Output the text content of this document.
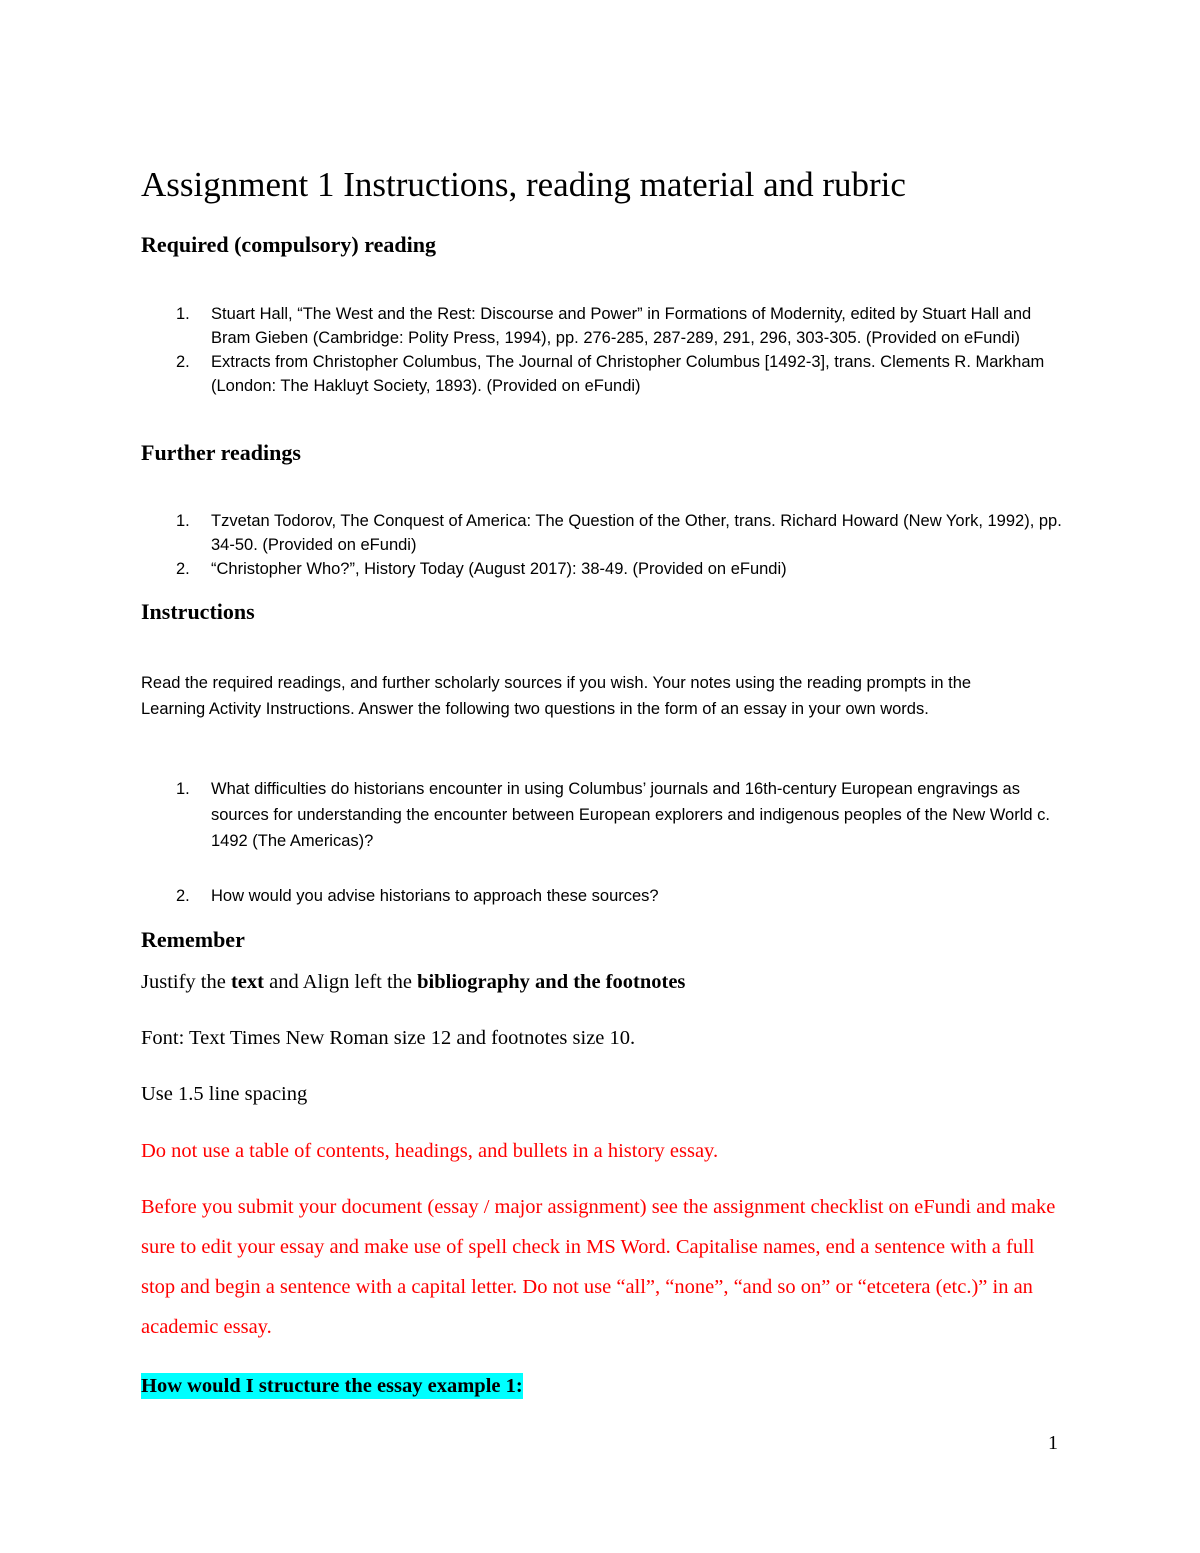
Assignment 1 Instructions, reading material and rubric
Required (compulsory) reading
1. Stuart Hall, “The West and the Rest: Discourse and Power” in Formations of Modernity, edited by Stuart Hall and Bram Gieben (Cambridge: Polity Press, 1994), pp. 276-285, 287-289, 291, 296, 303-305. (Provided on eFundi)
2. Extracts from Christopher Columbus, The Journal of Christopher Columbus [1492-3], trans. Clements R. Markham (London: The Hakluyt Society, 1893). (Provided on eFundi)
Further readings
1. Tzvetan Todorov, The Conquest of America: The Question of the Other, trans. Richard Howard (New York, 1992), pp. 34-50. (Provided on eFundi)
2. “Christopher Who?”, History Today (August 2017): 38-49. (Provided on eFundi)
Instructions

Read the required readings, and further scholarly sources if you wish. Your notes using the reading prompts in the Learning Activity Instructions. Answer the following two questions in the form of an essay in your own words.

1. What difficulties do historians encounter in using Columbus’ journals and 16th-century European engravings as sources for understanding the encounter between European explorers and indigenous peoples of the New World c. 1492 (The Americas)?
2. How would you advise historians to approach these sources?
Remember

Justify the text and Align left the bibliography and the footnotes

Font: Text Times New Roman size 12 and footnotes size 10.

Use 1.5 line spacing

Do not use a table of contents, headings, and bullets in a history essay.

Before you submit your document (essay / major assignment) see the assignment checklist on eFundi and make sure to edit your essay and make use of spell check in MS Word. Capitalise names, end a sentence with a full stop and begin a sentence with a capital letter. Do not use “all”, “none”, “and so on” or “etcetera (etc.)” in an academic essay.

How would I structure the essay example 1:

1
